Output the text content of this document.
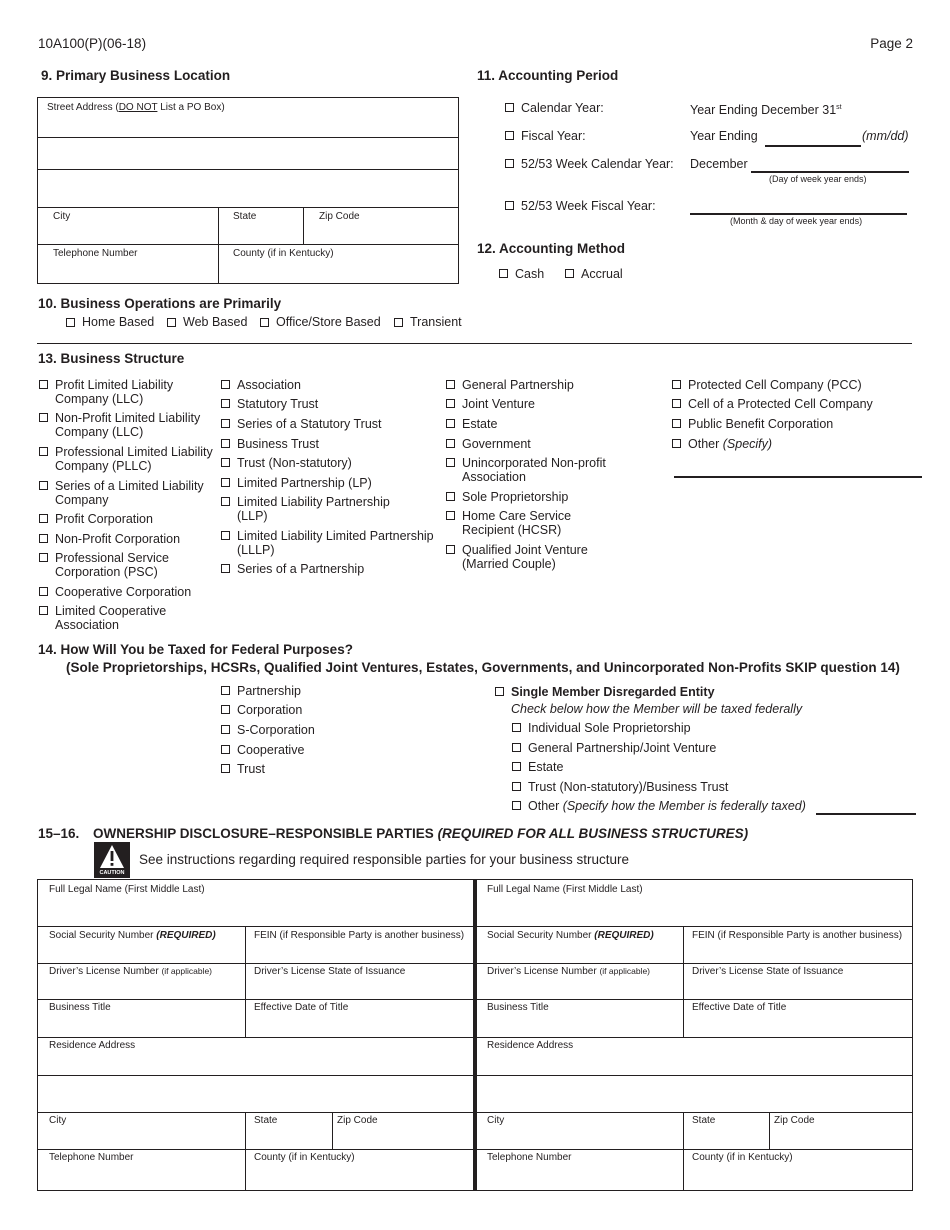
10A100(P)(06-18)	Page 2
9. Primary Business Location
Street Address (DO NOT List a PO Box)
City	State	Zip Code
Telephone Number	County (if in Kentucky)
10. Business Operations are Primarily
Home Based Web Based Office/Store Based Transient
11. Accounting Period
Calendar Year:	Year Ending December 31st
Fiscal Year:	Year Ending	(mm/dd)
52/53 Week Calendar Year: December
(Day of week year ends)
52/53 Week Fiscal Year:
(Month & day of week year ends)
12. Accounting Method
Cash	Accrual
13. Business Structure
Profit Limited Liability
Company (LLC)
Non-Profit Limited Liability
Company (LLC)
Professional Limited Liability
Company (PLLC)
Series of a Limited Liability
Company
Profit Corporation
Non-Profit Corporation
Professional Service
Corporation (PSC)
Cooperative Corporation
Limited Cooperative
Association
Association
Statutory Trust
Series of a Statutory Trust
Business Trust
Trust (Non-statutory)
Limited Partnership (LP)
Limited Liability Partnership
(LLP)
Limited Liability Limited Partnership
(LLLP)
Series of a Partnership
General Partnership
Joint Venture
Estate
Government
Unincorporated Non-profit
Association
Sole Proprietorship
Home Care Service
Recipient (HCSR)
Qualified Joint Venture
(Married Couple)
Protected Cell Company (PCC)
Cell of a Protected Cell Company
Public Benefit Corporation
Other (Specify)
14. How Will You be Taxed for Federal Purposes?
(Sole Proprietorships, HCSRs, Qualified Joint Ventures, Estates, Governments, and Unincorporated Non-Profits SKIP question 14)
Partnership
Corporation
S-Corporation
Cooperative
Trust
Single Member Disregarded Entity
Check below how the Member will be taxed federally
Individual Sole Proprietorship
General Partnership/Joint Venture
Estate
Trust (Non-statutory)/Business Trust
Other (Specify how the Member is federally taxed)
15–16. OWNERSHIP DISCLOSURE–RESPONSIBLE PARTIES (REQUIRED FOR ALL BUSINESS STRUCTURES)
CAUTION
See instructions regarding required responsible parties for your business structure
Full Legal Name (First Middle Last)
Social Security Number (REQUIRED)	FEIN (if Responsible Party is another business)
Driver’s License Number (if applicable)	Driver’s License State of Issuance
Business Title	Effective Date of Title
Residence Address
City	State	Zip Code
Telephone Number	County (if in Kentucky)
Full Legal Name (First Middle Last)
Social Security Number (REQUIRED)	FEIN (if Responsible Party is another business)
Driver’s License Number (if applicable)	Driver’s License State of Issuance
Business Title	Effective Date of Title
Residence Address
City	State	Zip Code
Telephone Number	County (if in Kentucky)
